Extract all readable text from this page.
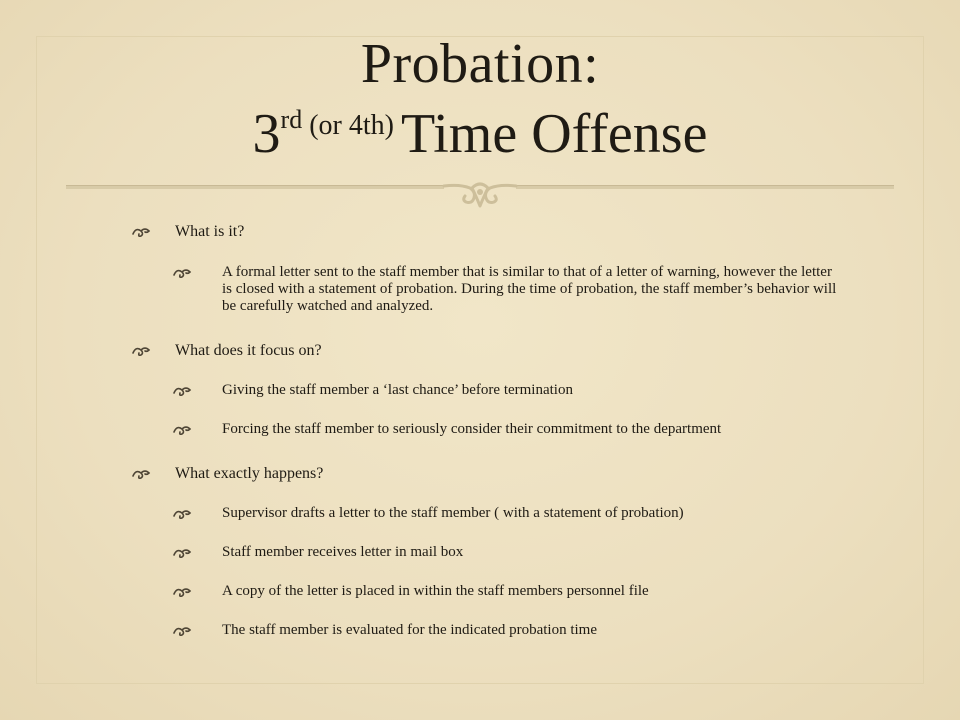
Probation:
3rd (or 4th) Time Offense
What is it?
A formal letter sent to the staff member that is similar to that of a letter of warning, however the letter is closed with a statement of probation. During the time of probation, the staff member’s behavior will be carefully watched and analyzed.
What does it focus on?
Giving the staff member a ‘last chance’ before termination
Forcing the staff member to seriously consider their commitment to the department
What exactly happens?
Supervisor drafts a letter to the staff member ( with a statement of probation)
Staff member receives letter in mail box
A copy of the letter is placed in within the staff members personnel file
The staff member is evaluated for the indicated probation time
